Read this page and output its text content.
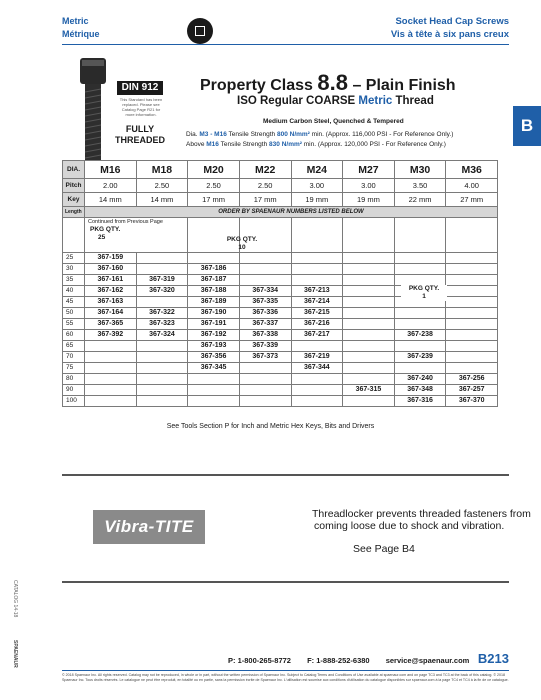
Metric
Métrique
Socket Head Cap Screws
Vis à tête à six pans creux
B
DIN 912
This Standard has been replaced. Please see Catalog Page R21 for more information.
FULLY THREADED
Property Class 8.8 – Plain Finish
ISO Regular COARSE Metric Thread
Medium Carbon Steel, Quenched & Tempered
Dia. M3 - M16 Tensile Strength 800 N/mm² min. (Approx. 116,000 PSI - For Reference Only.)
Above M16 Tensile Strength 830 N/mm² min. (Approx. 120,000 PSI - For Reference Only.)
DIA.	M16	M18	M20	M22	M24	M27	M30	M36
Pitch	2.00	2.50	2.50	2.50	3.00	3.00	3.50	4.00
Key	14 mm	14 mm	17 mm	17 mm	19 mm	19 mm	22 mm	27 mm
Length	ORDER BY SPAENAUR NUMBERS LISTED BELOW							
	Continued from Previous Page
PKG QTY.
25							

25	367-159							
30	367-160		367-186					
35	367-161	367-319	367-187					
40	367-162	367-320	367-188	367-334	367-213			
45	367-163		367-189	367-335	367-214			
50	367-164	367-322	367-190	367-336	367-215			
55	367-365	367-323	367-191	367-337	367-216			
60	367-392	367-324	367-192	367-338	367-217		367-238	
65			367-193	367-339				
70			367-356	367-373	367-219		367-239	
75			367-345		367-344			
80							367-240	367-256
90						367-315	367-348	367-257
100							367-316	367-370
PKG QTY.
10
PKG QTY.
1
See Tools Section P for Inch and Metric Hex Keys, Bits and Drivers
Vibra-TITE
Threadlocker prevents threaded fasteners from
coming loose due to shock and vibration.
See Page B4
CATALOG 14-18
SPAENAUR	P: 1-800-265-8772 F: 1-888-252-6380 service@spaenaur.com B213
© 2018 Spaenaur Inc. All rights reserved. Catalog may not be reproduced, in whole or in part, without the written permission of Spaenaur Inc. Subject to Catalog Terms and Conditions of Use available at spaenaur.com and on page TC3 and TC3 at the back of this catalog. © 2018 Spaenaur Inc. Tous droits réservés. Le catalogue ne peut être reproduit, en totalité ou en partie, sans la permission écrite de Spaenaur Inc. L'utilisation est soumise aux conditions d'utilisation du catalogue disponibles sur spaenaur.com à la page TC4 et TC4 à la fin de ce catalogue.
